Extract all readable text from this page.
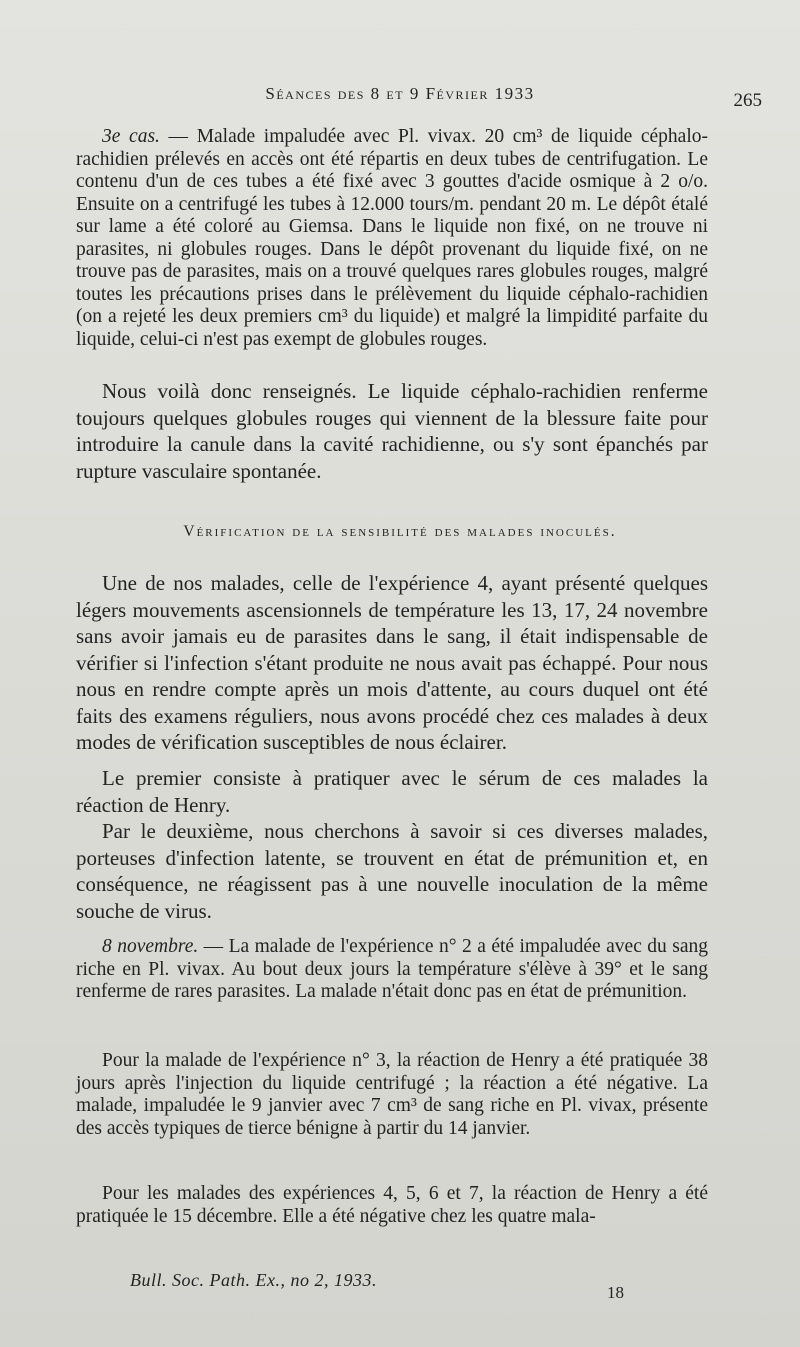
Séances des 8 et 9 Février 1933	265

3e cas. — Malade impaludée avec Pl. vivax. 20 cm³ de liquide céphalo-rachidien prélevés en accès ont été répartis en deux tubes de centrifugation. Le contenu d'un de ces tubes a été fixé avec 3 gouttes d'acide osmique à 2 o/o. Ensuite on a centrifugé les tubes à 12.000 tours/m. pendant 20 m. Le dépôt étalé sur lame a été coloré au Giemsa. Dans le liquide non fixé, on ne trouve ni parasites, ni globules rouges. Dans le dépôt provenant du liquide fixé, on ne trouve pas de parasites, mais on a trouvé quelques rares globules rouges, malgré toutes les précautions prises dans le prélèvement du liquide céphalo-rachidien (on a rejeté les deux premiers cm³ du liquide) et malgré la limpidité parfaite du liquide, celui-ci n'est pas exempt de globules rouges.

Nous voilà donc renseignés. Le liquide céphalo-rachidien renferme toujours quelques globules rouges qui viennent de la blessure faite pour introduire la canule dans la cavité rachidienne, ou s'y sont épanchés par rupture vasculaire spontanée.

Vérification de la sensibilité des malades inoculés.

Une de nos malades, celle de l'expérience 4, ayant présenté quelques légers mouvements ascensionnels de température les 13, 17, 24 novembre sans avoir jamais eu de parasites dans le sang, il était indispensable de vérifier si l'infection s'étant produite ne nous avait pas échappé. Pour nous nous en rendre compte après un mois d'attente, au cours duquel ont été faits des examens réguliers, nous avons procédé chez ces malades à deux modes de vérification susceptibles de nous éclairer.

Le premier consiste à pratiquer avec le sérum de ces malades la réaction de Henry.

Par le deuxième, nous cherchons à savoir si ces diverses malades, porteuses d'infection latente, se trouvent en état de prémunition et, en conséquence, ne réagissent pas à une nouvelle inoculation de la même souche de virus.

8 novembre. — La malade de l'expérience n° 2 a été impaludée avec du sang riche en Pl. vivax. Au bout deux jours la température s'élève à 39° et le sang renferme de rares parasites. La malade n'était donc pas en état de prémunition.

Pour la malade de l'expérience n° 3, la réaction de Henry a été pratiquée 38 jours après l'injection du liquide centrifugé ; la réaction a été négative. La malade, impaludée le 9 janvier avec 7 cm³ de sang riche en Pl. vivax, présente des accès typiques de tierce bénigne à partir du 14 janvier.

Pour les malades des expériences 4, 5, 6 et 7, la réaction de Henry a été pratiquée le 15 décembre. Elle a été négative chez les quatre mala-

Bull. Soc. Path. Ex., no 2, 1933.
18
